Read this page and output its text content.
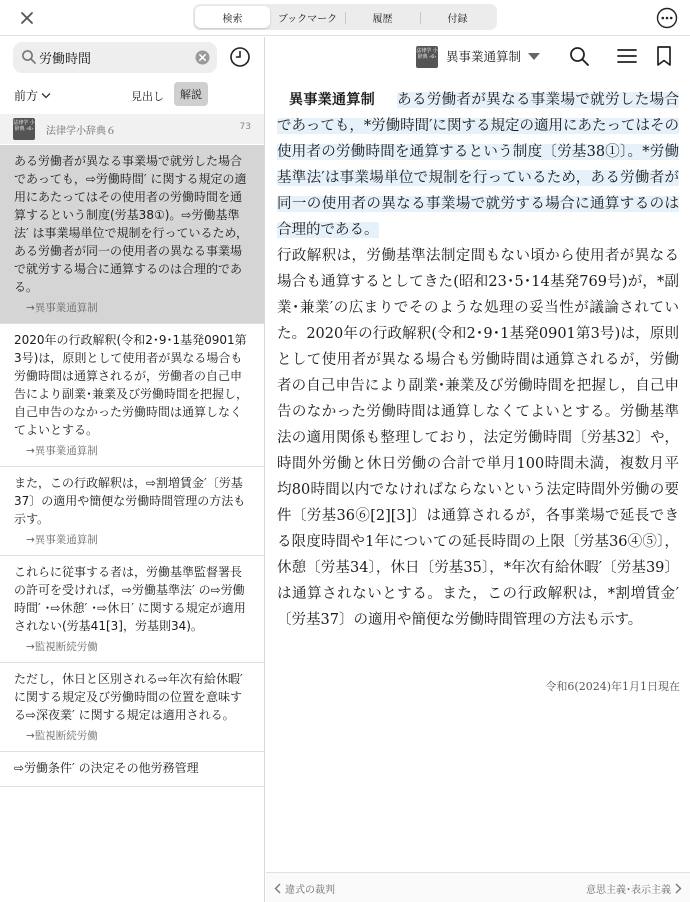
検索	ブックマーク	履歴	付録
労働時間
前方	見出し	解説
法律学 小辞典 ‹6› 法律学小辞典６	73
ある労働者が異なる事業場で就労した場合であっても，⇨労働時間′ に関する規定の適用にあたってはその使用者の労働時間を通算するという制度(労基38①)。⇨労働基準法′ は事業場単位で規制を行っているため，ある労働者が同一の使用者の異なる事業場で就労する場合に通算するのは合理的である。
→異事業通算制
2020年の行政解釈(令和2･9･1基発0901第3号)は，原則として使用者が異なる場合も労働時間は通算されるが，労働者の自己申告により副業･兼業及び労働時間を把握し，自己申告のなかった労働時間は通算しなくてよいとする。
→異事業通算制
また，この行政解釈は，⇨割増賃金′〔労基37〕の適用や簡便な労働時間管理の方法も示す。
→異事業通算制
これらに従事する者は，労働基準監督署長の許可を受ければ，⇨労働基準法′ の⇨労働時間′ ･⇨休憩′ ･⇨休日′ に関する規定が適用されない(労基41[3]，労基則34)。
→監視断続労働
ただし，休日と区別される⇨年次有給休暇′ に関する規定及び労働時間の位置を意味する⇨深夜業′ に関する規定は適用される。
→監視断続労働
⇨労働条件′ の決定その他労務管理
法律学 小辞典 ‹6› 異事業通算制
異事業通算制 ある労働者が異なる事業場で就労した場合であっても，*労働時間′に関する規定の適用にあたってはその使用者の労働時間を通算するという制度〔労基38①〕。*労働基準法′は事業場単位で規制を行っているため，ある労働者が同一の使用者の異なる事業場で就労する場合に通算するのは合理的である。
行政解釈は，労働基準法制定間もない頃から使用者が異なる場合も通算するとしてきた(昭和23･5･14基発769号)が，*副業･兼業′の広まりでそのような処理の妥当性が議論されていた。2020年の行政解釈(令和2･9･1基発0901第3号)は，原則として使用者が異なる場合も労働時間は通算されるが，労働者の自己申告により副業･兼業及び労働時間を把握し，自己申告のなかった労働時間は通算しなくてよいとする。労働基準法の適用関係も整理しており，法定労働時間〔労基32〕や，時間外労働と休日労働の合計で単月100時間未満，複数月平均80時間以内でなければならないという法定時間外労働の要件〔労基36⑥[2][3]〕は通算されるが，各事業場で延長できる限度時間や1年についての延長時間の上限〔労基36④⑤〕，休憩〔労基34〕，休日〔労基35〕，*年次有給休暇′〔労基39〕は通算されないとする。また，この行政解釈は，*割増賃金′〔労基37〕の適用や簡便な労働時間管理の方法も示す。
令和6(2024)年1月1日現在
違式の裁判	意思主義･表示主義
